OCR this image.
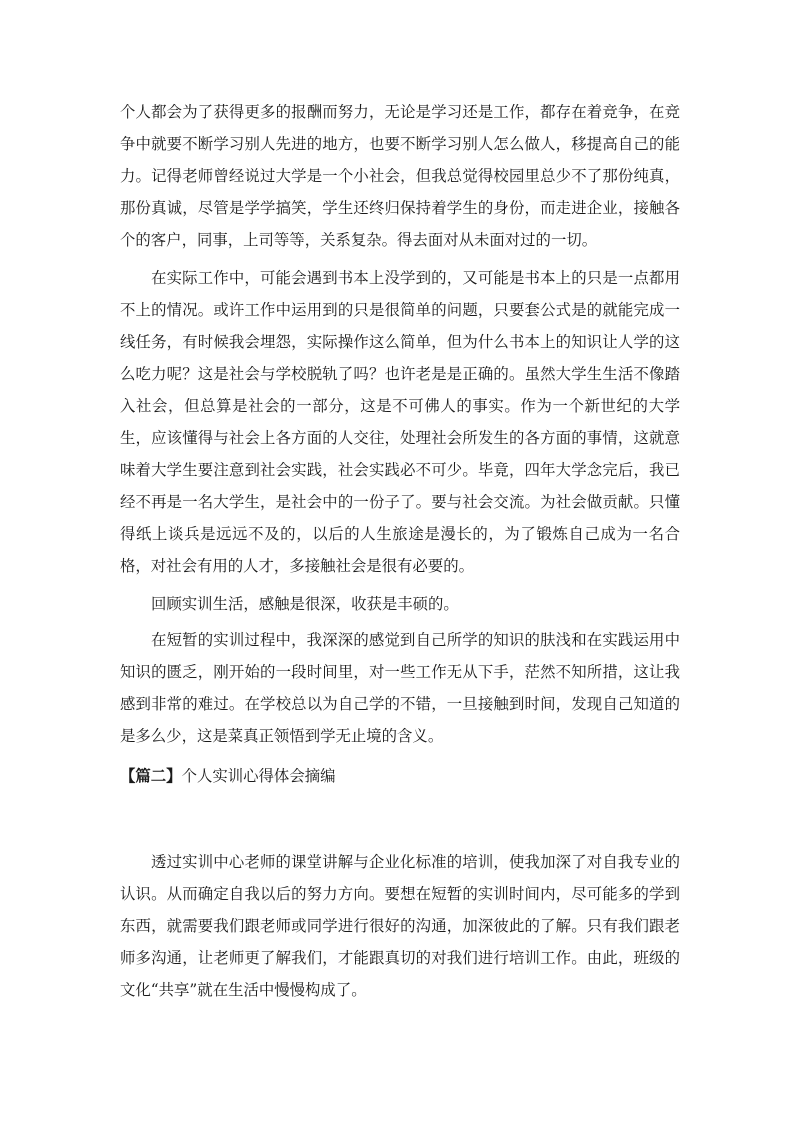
个人都会为了获得更多的报酬而努力，无论是学习还是工作，都存在着竞争，在竞争中就要不断学习别人先进的地方，也要不断学习别人怎么做人，移提高自己的能力。记得老师曾经说过大学是一个小社会，但我总觉得校园里总少不了那份纯真，那份真诚，尽管是学学搞笑，学生还终归保持着学生的身份，而走进企业，接触各个的客户，同事，上司等等，关系复杂。得去面对从未面对过的一切。

在实际工作中，可能会遇到书本上没学到的，又可能是书本上的只是一点都用不上的情况。或许工作中运用到的只是很简单的问题，只要套公式是的就能完成一线任务，有时候我会埋怨，实际操作这么简单，但为什么书本上的知识让人学的这么吃力呢？这是社会与学校脱轨了吗？也许老是是正确的。虽然大学生生活不像踏入社会，但总算是社会的一部分，这是不可佛人的事实。作为一个新世纪的大学生，应该懂得与社会上各方面的人交往，处理社会所发生的各方面的事情，这就意味着大学生要注意到社会实践，社会实践必不可少。毕竟，四年大学念完后，我已经不再是一名大学生，是社会中的一份子了。要与社会交流。为社会做贡献。只懂得纸上谈兵是远远不及的，以后的人生旅途是漫长的，为了锻炼自己成为一名合格，对社会有用的人才，多接触社会是很有必要的。

回顾实训生活，感触是很深，收获是丰硕的。

在短暂的实训过程中，我深深的感觉到自己所学的知识的肤浅和在实践运用中知识的匮乏，刚开始的一段时间里，对一些工作无从下手，茫然不知所措，这让我感到非常的难过。在学校总以为自己学的不错，一旦接触到时间，发现自己知道的是多么少，这是菜真正领悟到学无止境的含义。

【篇二】个人实训心得体会摘编

透过实训中心老师的课堂讲解与企业化标准的培训，使我加深了对自我专业的认识。从而确定自我以后的努力方向。要想在短暂的实训时间内，尽可能多的学到东西，就需要我们跟老师或同学进行很好的沟通，加深彼此的了解。只有我们跟老师多沟通，让老师更了解我们，才能跟真切的对我们进行培训工作。由此，班级的文化“共享”就在生活中慢慢构成了。
